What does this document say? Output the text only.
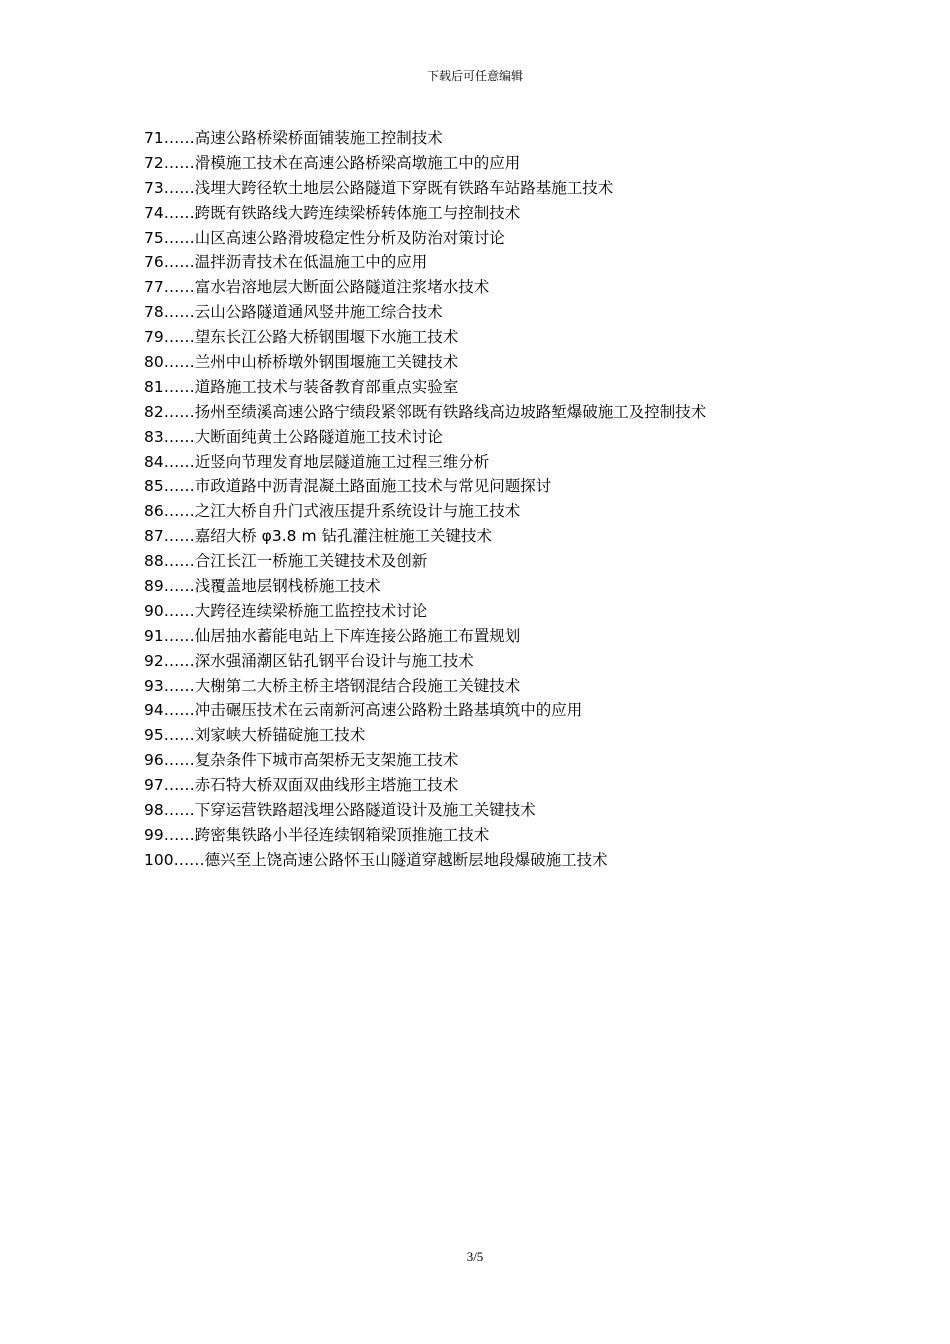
下载后可任意编辑
71……高速公路桥梁桥面铺装施工控制技术
72……滑模施工技术在高速公路桥梁高墩施工中的应用
73……浅埋大跨径软土地层公路隧道下穿既有铁路车站路基施工技术
74……跨既有铁路线大跨连续梁桥转体施工与控制技术
75……山区高速公路滑坡稳定性分析及防治对策讨论
76……温拌沥青技术在低温施工中的应用
77……富水岩溶地层大断面公路隧道注浆堵水技术
78……云山公路隧道通风竖井施工综合技术
79……望东长江公路大桥钢围堰下水施工技术
80……兰州中山桥桥墩外钢围堰施工关键技术
81……道路施工技术与装备教育部重点实验室
82……扬州至绩溪高速公路宁绩段紧邻既有铁路线高边坡路堑爆破施工及控制技术
83……大断面纯黄土公路隧道施工技术讨论
84……近竖向节理发育地层隧道施工过程三维分析
85……市政道路中沥青混凝土路面施工技术与常见问题探讨
86……之江大桥自升门式液压提升系统设计与施工技术
87……嘉绍大桥 φ3.8 m 钻孔灌注桩施工关键技术
88……合江长江一桥施工关键技术及创新
89……浅覆盖地层钢栈桥施工技术
90……大跨径连续梁桥施工监控技术讨论
91……仙居抽水蓄能电站上下库连接公路施工布置规划
92……深水强涌潮区钻孔钢平台设计与施工技术
93……大榭第二大桥主桥主塔钢混结合段施工关键技术
94……冲击碾压技术在云南新河高速公路粉土路基填筑中的应用
95……刘家峡大桥锚碇施工技术
96……复杂条件下城市高架桥无支架施工技术
97……赤石特大桥双面双曲线形主塔施工技术
98……下穿运营铁路超浅埋公路隧道设计及施工关键技术
99……跨密集铁路小半径连续钢箱梁顶推施工技术
100……德兴至上饶高速公路怀玉山隧道穿越断层地段爆破施工技术
3/5
